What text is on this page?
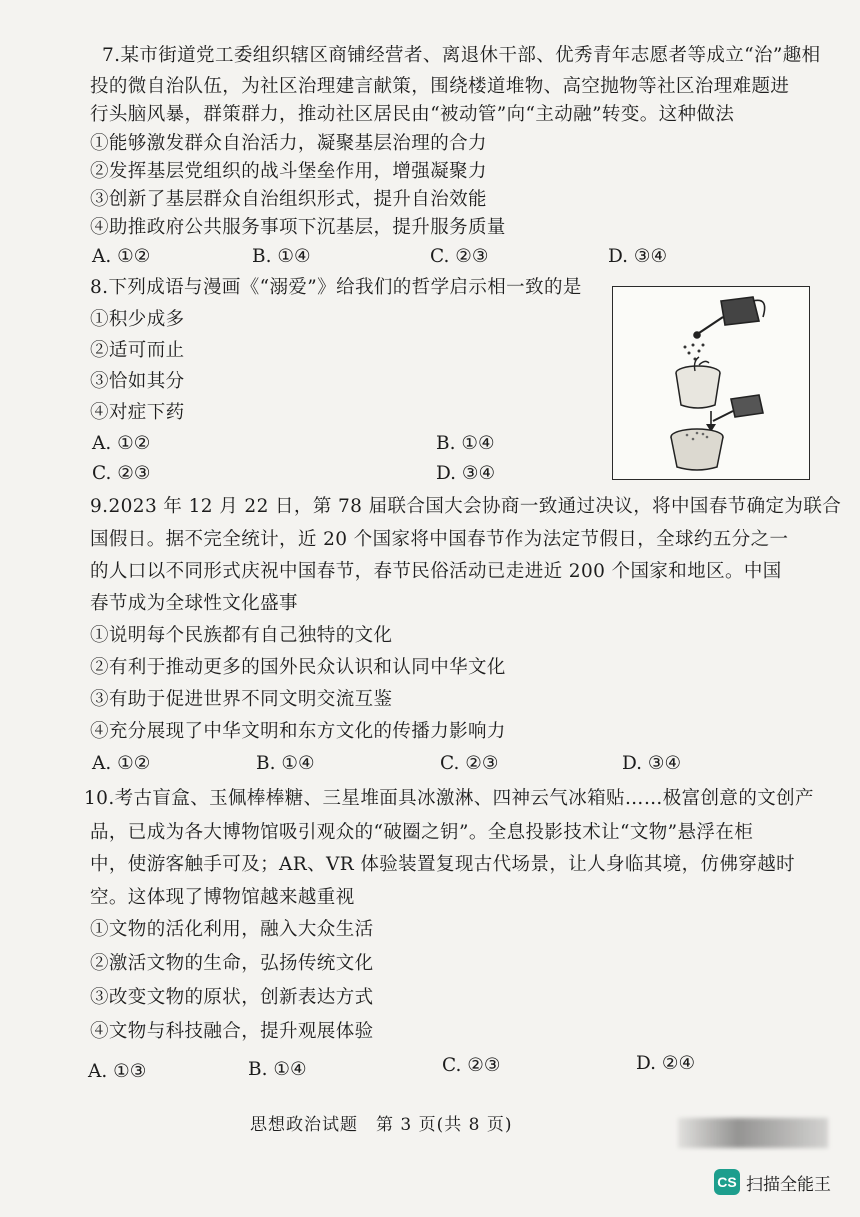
7.某市街道党工委组织辖区商铺经营者、离退休干部、优秀青年志愿者等成立“治”趣相
投的微自治队伍，为社区治理建言献策，围绕楼道堆物、高空抛物等社区治理难题进
行头脑风暴，群策群力，推动社区居民由“被动管”向“主动融”转变。这种做法
①能够激发群众自治活力，凝聚基层治理的合力
②发挥基层党组织的战斗堡垒作用，增强凝聚力
③创新了基层群众自治组织形式，提升自治效能
④助推政府公共服务事项下沉基层，提升服务质量
A. ①②	B. ①④	C. ②③	D. ③④
8.下列成语与漫画《“溺爱”》给我们的哲学启示相一致的是
①积少成多
②适可而止
③恰如其分
④对症下药
A. ①②	B. ①④
C. ②③	D. ③④
9.2023 年 12 月 22 日，第 78 届联合国大会协商一致通过决议，将中国春节确定为联合
国假日。据不完全统计，近 20 个国家将中国春节作为法定节假日，全球约五分之一
的人口以不同形式庆祝中国春节，春节民俗活动已走进近 200 个国家和地区。中国
春节成为全球性文化盛事
①说明每个民族都有自己独特的文化
②有利于推动更多的国外民众认识和认同中华文化
③有助于促进世界不同文明交流互鉴
④充分展现了中华文明和东方文化的传播力影响力
A. ①②	B. ①④	C. ②③	D. ③④
10.考古盲盒、玉佩棒棒糖、三星堆面具冰激淋、四神云气冰箱贴……极富创意的文创产
品，已成为各大博物馆吸引观众的“破圈之钥”。全息投影技术让“文物”悬浮在柜
中，使游客触手可及；AR、VR 体验装置复现古代场景，让人身临其境，仿佛穿越时
空。这体现了博物馆越来越重视
①文物的活化利用，融入大众生活
②激活文物的生命，弘扬传统文化
③改变文物的原状，创新表达方式
④文物与科技融合，提升观展体验
A. ①③	B. ①④	C. ②③	D. ②④
思想政治试题　第 3 页(共 8 页)
CS 扫描全能王
